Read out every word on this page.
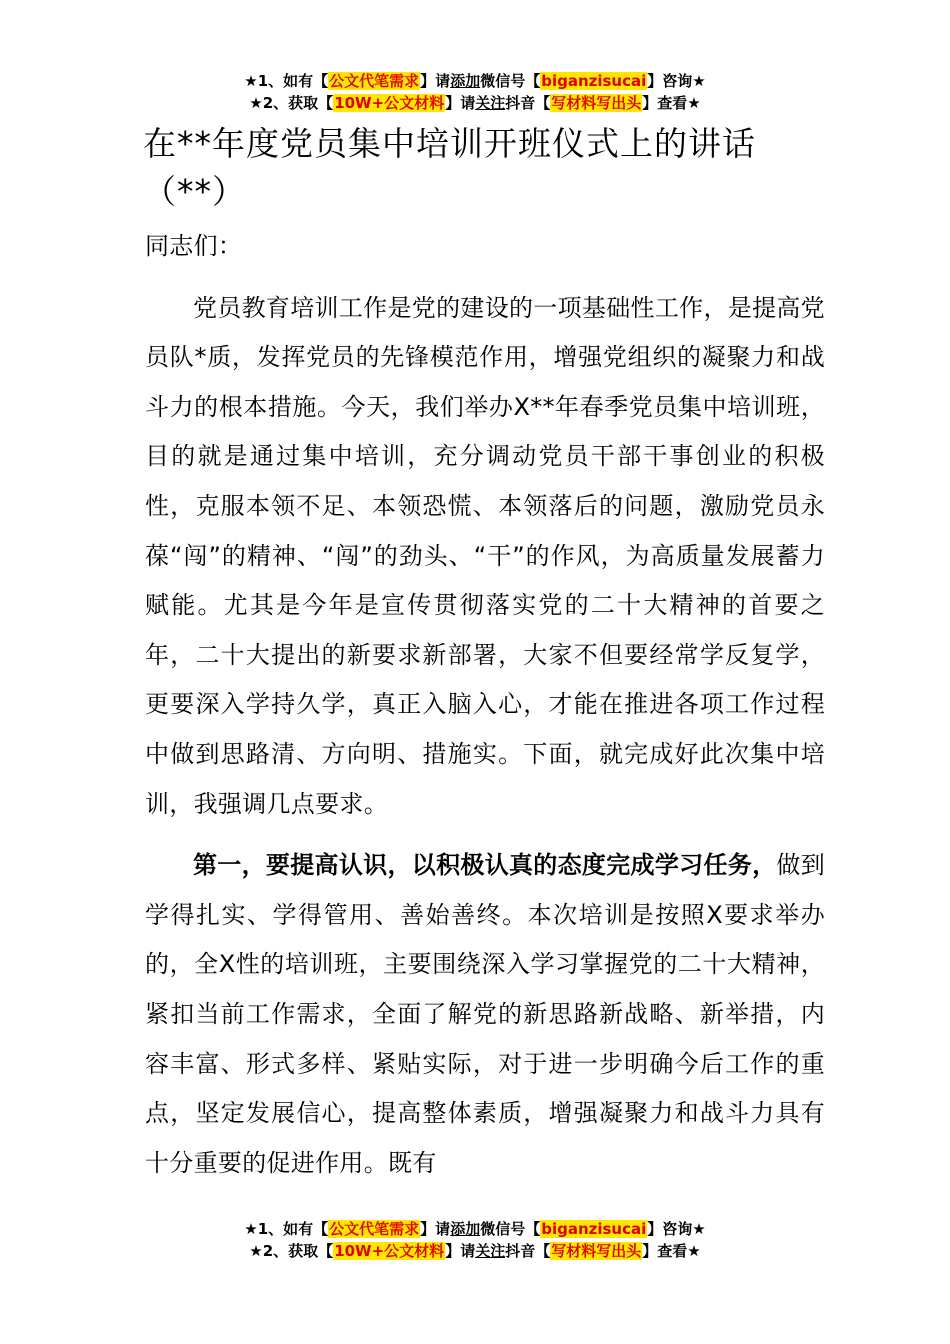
★1、如有【公文代笔需求】请添加微信号【biganzisucai】咨询★
★2、获取【10W+公文材料】请关注抖音【写材料写出头】查看★
在**年度党员集中培训开班仪式上的讲话
（**）

同志们：

党员教育培训工作是党的建设的一项基础性工作，是提高党员队*质，发挥党员的先锋模范作用，增强党组织的凝聚力和战斗力的根本措施。今天，我们举办X**年春季党员集中培训班，目的就是通过集中培训，充分调动党员干部干事创业的积极性，克服本领不足、本领恐慌、本领落后的问题，激励党员永葆“闯”的精神、“闯”的劲头、“干”的作风，为高质量发展蓄力赋能。尤其是今年是宣传贯彻落实党的二十大精神的首要之年，二十大提出的新要求新部署，大家不但要经常学反复学，更要深入学持久学，真正入脑入心，才能在推进各项工作过程中做到思路清、方向明、措施实。下面，就完成好此次集中培训，我强调几点要求。

第一，要提高认识，以积极认真的态度完成学习任务，做到学得扎实、学得管用、善始善终。本次培训是按照X要求举办的，全X性的培训班，主要围绕深入学习掌握党的二十大精神，紧扣当前工作需求，全面了解党的新思路新战略、新举措，内容丰富、形式多样、紧贴实际，对于进一步明确今后工作的重点，坚定发展信心，提高整体素质，增强凝聚力和战斗力具有十分重要的促进作用。既有

★1、如有【公文代笔需求】请添加微信号【biganzisucai】咨询★
★2、获取【10W+公文材料】请关注抖音【写材料写出头】查看★
